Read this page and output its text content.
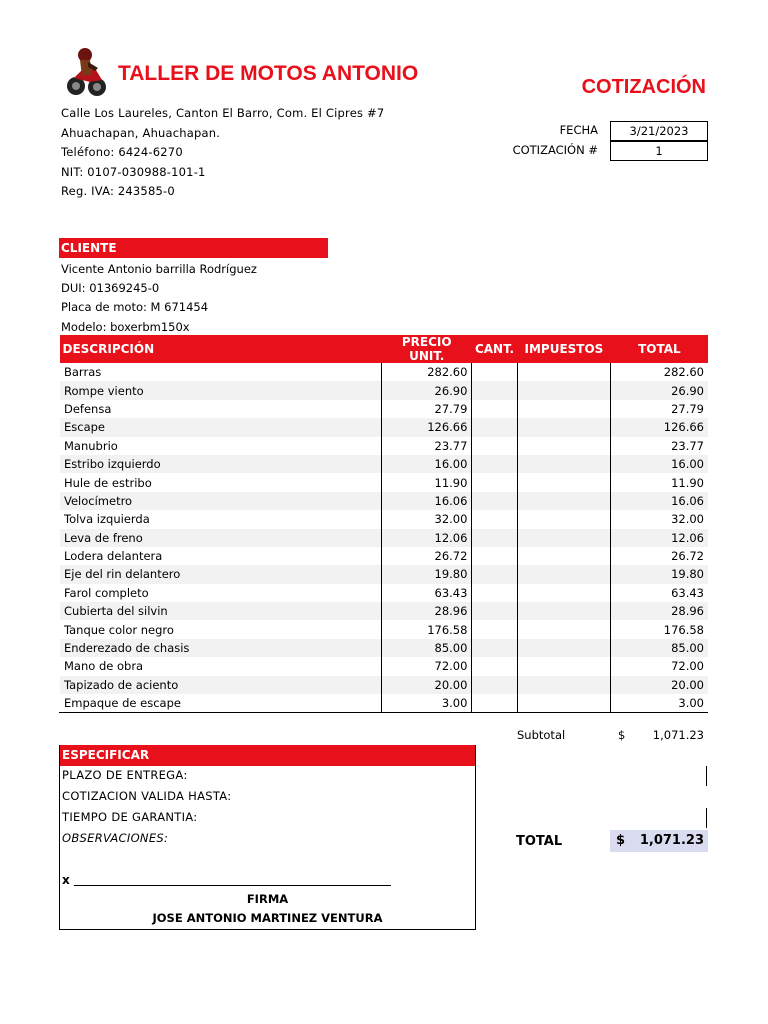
TALLER DE MOTOS ANTONIO
COTIZACIÓN
Calle Los Laureles, Canton El Barro, Com. El Cipres #7
Ahuachapan, Ahuachapan.
Teléfono: 6424-6270
NIT: 0107-030988-101-1
Reg. IVA: 243585-0
FECHA	3/21/2023
COTIZACIÓN #	1
CLIENTE
Vicente Antonio barrilla Rodríguez
DUI: 01369245-0
Placa de moto: M 671454
Modelo: boxerbm150x
DESCRIPCIÓN	PRECIO UNIT.	CANT.	IMPUESTOS	TOTAL
Barras	282.60			282.60
Rompe viento	26.90			26.90
Defensa	27.79			27.79
Escape	126.66			126.66
Manubrio	23.77			23.77
Estribo izquierdo	16.00			16.00
Hule de estribo	11.90			11.90
Velocímetro	16.06			16.06
Tolva izquierda	32.00			32.00
Leva de freno	12.06			12.06
Lodera delantera	26.72			26.72
Eje del rin delantero	19.80			19.80
Farol completo	63.43			63.43
Cubierta del silvin	28.96			28.96
Tanque color negro	176.58			176.58
Enderezado de chasis	85.00			85.00
Mano de obra	72.00			72.00
Tapizado de aciento	20.00			20.00
Empaque de escape	3.00			3.00
Subtotal	$ 1,071.23
ESPECIFICAR
PLAZO DE ENTREGA:
COTIZACION VALIDA HASTA:
TIEMPO DE GARANTIA:
OBSERVACIONES:
x
FIRMA
JOSE ANTONIO MARTINEZ VENTURA
TOTAL	$ 1,071.23
